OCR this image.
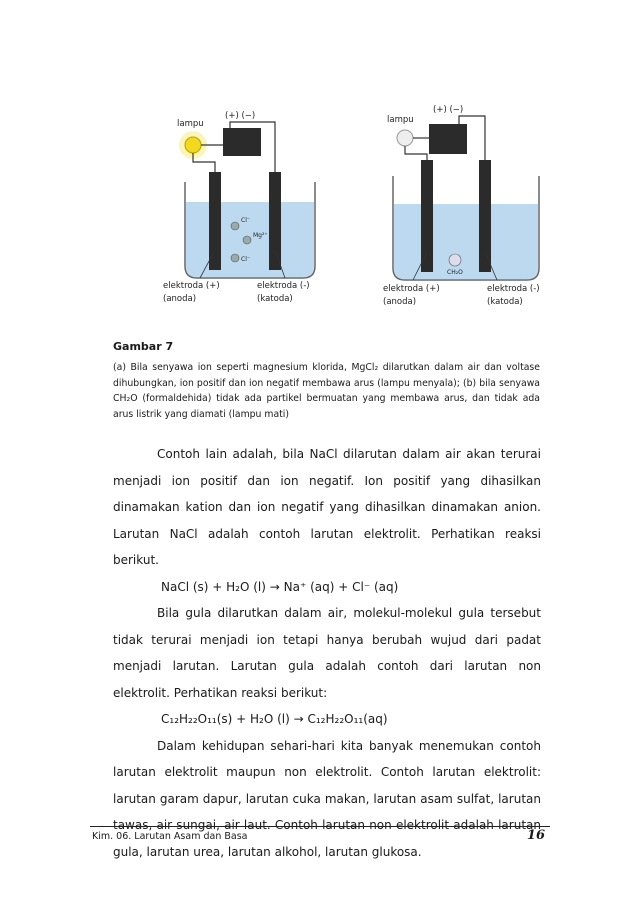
lampu
(+) (−)
Cl⁻
Mg²⁺
Cl⁻
elektroda (+)
(anoda)
elektroda (-)
(katoda)
lampu
(+) (−)
CH₂O
elektroda (+)
(anoda)
elektroda (-)
(katoda)
Gambar 7
(a) Bila senyawa ion seperti magnesium klorida, MgCl₂ dilarutkan dalam air dan voltase dihubungkan, ion positif dan ion negatif membawa arus (lampu menyala); (b) bila senyawa CH₂O (formaldehida) tidak ada partikel bermuatan yang membawa arus, dan tidak ada arus listrik yang diamati (lampu mati)

Contoh lain adalah, bila NaCl dilarutan dalam air akan terurai menjadi ion positif dan ion negatif. Ion positif yang dihasilkan dinamakan kation dan ion negatif yang dihasilkan dinamakan anion. Larutan NaCl adalah contoh larutan elektrolit. Perhatikan reaksi berikut.

NaCl (s) + H₂O (l) → Na⁺ (aq) + Cl⁻ (aq)

Bila gula dilarutkan dalam air, molekul-molekul gula tersebut tidak terurai menjadi ion tetapi hanya berubah wujud dari padat menjadi larutan. Larutan gula adalah contoh dari larutan non elektrolit. Perhatikan reaksi berikut:

C₁₂H₂₂O₁₁(s) + H₂O (l) → C₁₂H₂₂O₁₁(aq)

Dalam kehidupan sehari-hari kita banyak menemukan contoh larutan elektrolit maupun non elektrolit. Contoh larutan elektrolit: larutan garam dapur, larutan cuka makan, larutan asam sulfat, larutan tawas, air sungai, air laut. Contoh larutan non elektrolit adalah larutan gula, larutan urea, larutan alkohol, larutan glukosa.

Kim. 06. Larutan Asam dan Basa	16
